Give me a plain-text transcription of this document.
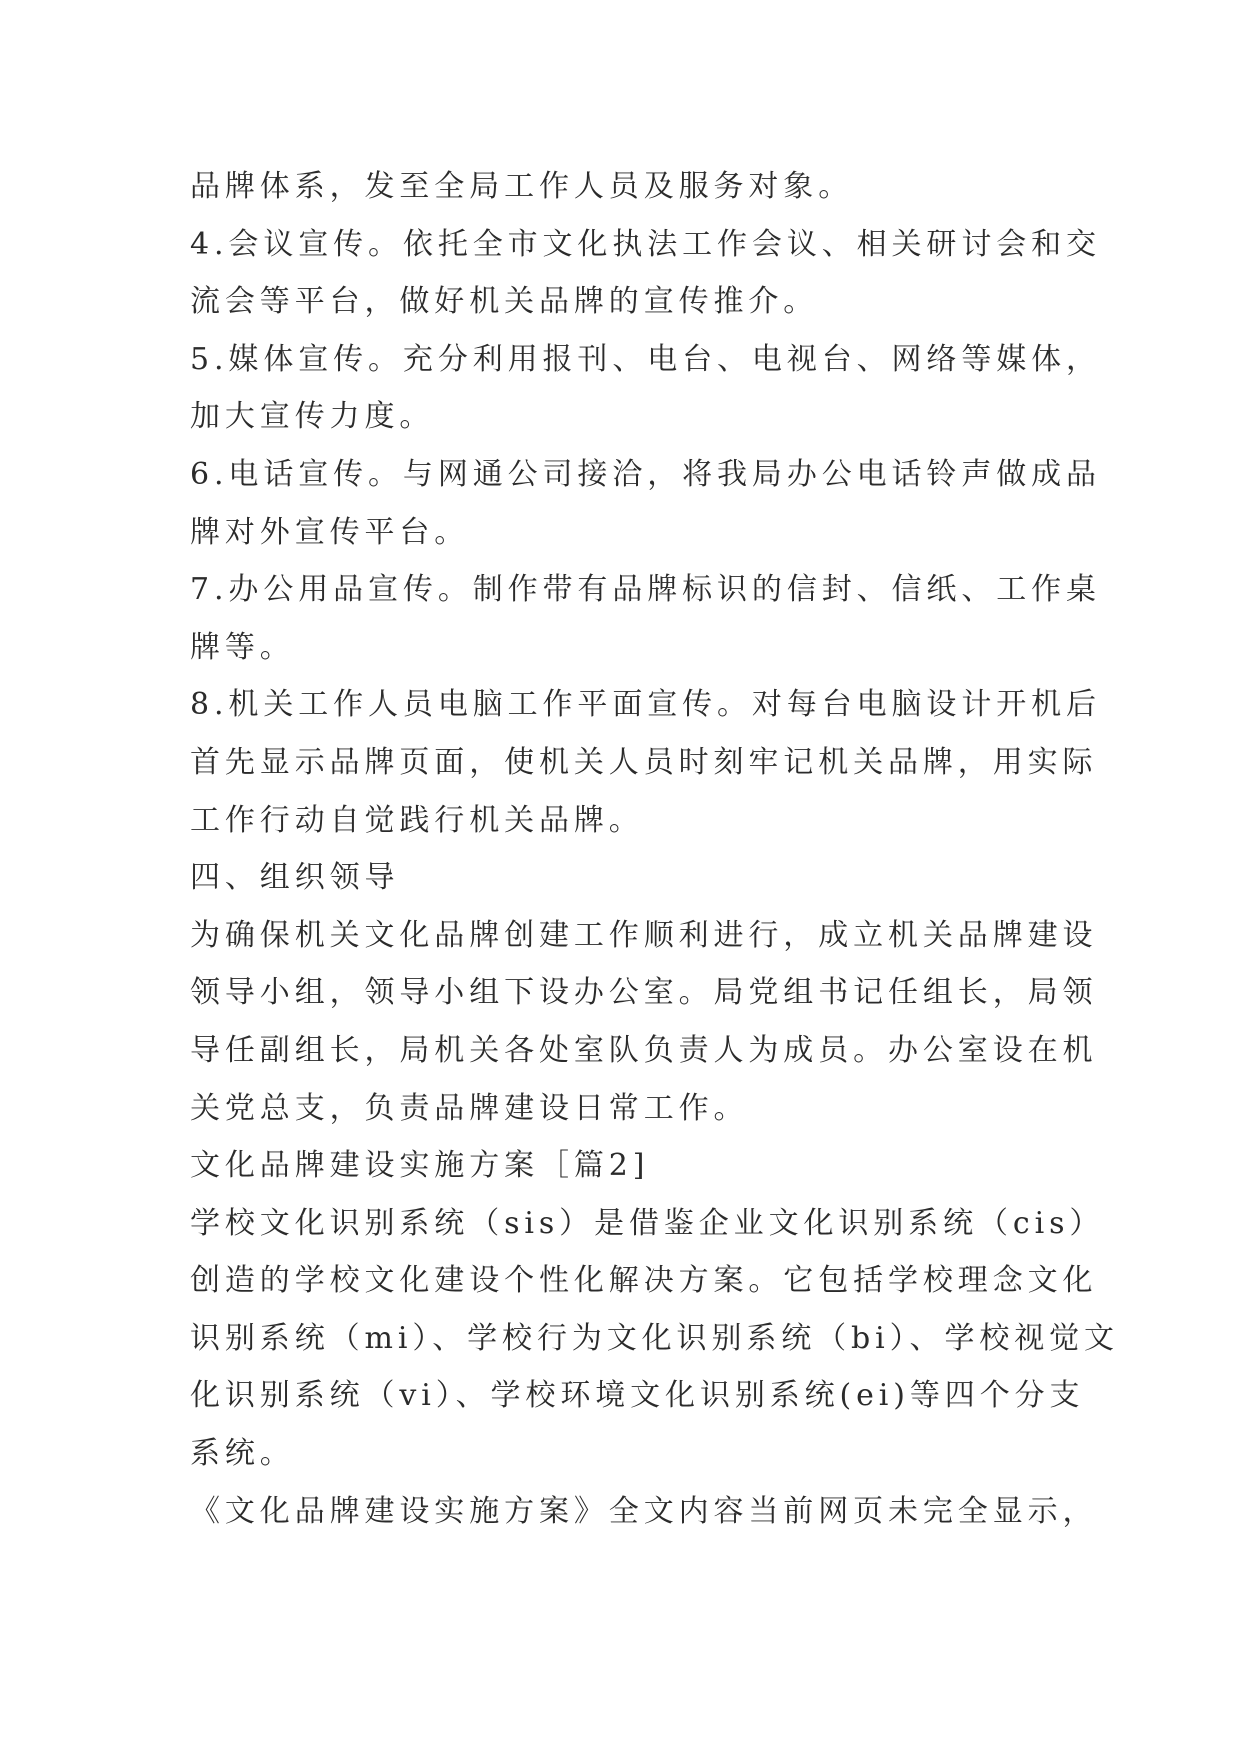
品牌体系，发至全局工作人员及服务对象。
4.会议宣传。依托全市文化执法工作会议、相关研讨会和交
流会等平台，做好机关品牌的宣传推介。
5.媒体宣传。充分利用报刊、电台、电视台、网络等媒体，
加大宣传力度。
6.电话宣传。与网通公司接洽，将我局办公电话铃声做成品
牌对外宣传平台。
7.办公用品宣传。制作带有品牌标识的信封、信纸、工作桌
牌等。
8.机关工作人员电脑工作平面宣传。对每台电脑设计开机后
首先显示品牌页面，使机关人员时刻牢记机关品牌，用实际
工作行动自觉践行机关品牌。
四、组织领导
为确保机关文化品牌创建工作顺利进行，成立机关品牌建设
领导小组，领导小组下设办公室。局党组书记任组长，局领
导任副组长，局机关各处室队负责人为成员。办公室设在机
关党总支，负责品牌建设日常工作。
文化品牌建设实施方案［篇2]
学校文化识别系统（sis）是借鉴企业文化识别系统（cis）
创造的学校文化建设个性化解决方案。它包括学校理念文化
识别系统（mi）、学校行为文化识别系统（bi）、学校视觉文
化识别系统（vi）、学校环境文化识别系统(ei)等四个分支
系统。
《文化品牌建设实施方案》全文内容当前网页未完全显示，
